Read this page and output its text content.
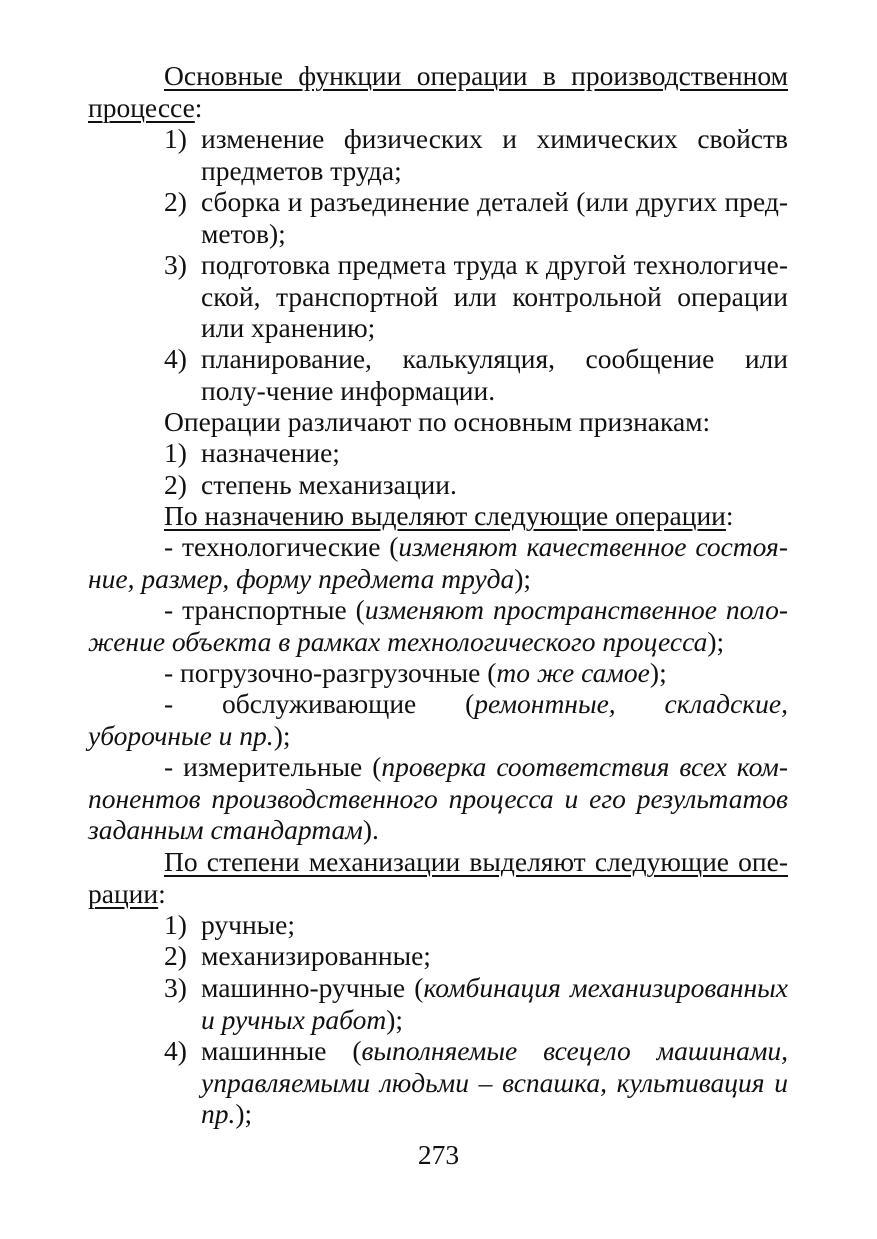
Основные функции операции в производственном процессе:
1) изменение физических и химических свойств предметов труда;
2) сборка и разъединение деталей (или других пред-метов);
3) подготовка предмета труда к другой технологиче-ской, транспортной или контрольной операции или хранению;
4) планирование, калькуляция, сообщение или полу-чение информации.
Операции различают по основным признакам:
1) назначение;
2) степень механизации.
По назначению выделяют следующие операции:
- технологические (изменяют качественное состоя-ние, размер, форму предмета труда);
- транспортные (изменяют пространственное поло-жение объекта в рамках технологического процесса);
- погрузочно-разгрузочные (то же самое);
- обслуживающие (ремонтные, складские, уборочные и пр.);
- измерительные (проверка соответствия всех ком-понентов производственного процесса и его результатов заданным стандартам).
По степени механизации выделяют следующие опе-рации:
1) ручные;
2) механизированные;
3) машинно-ручные (комбинация механизированных и ручных работ);
4) машинные (выполняемые всецело машинами, управляемыми людьми – вспашка, культивация и пр.);
273
